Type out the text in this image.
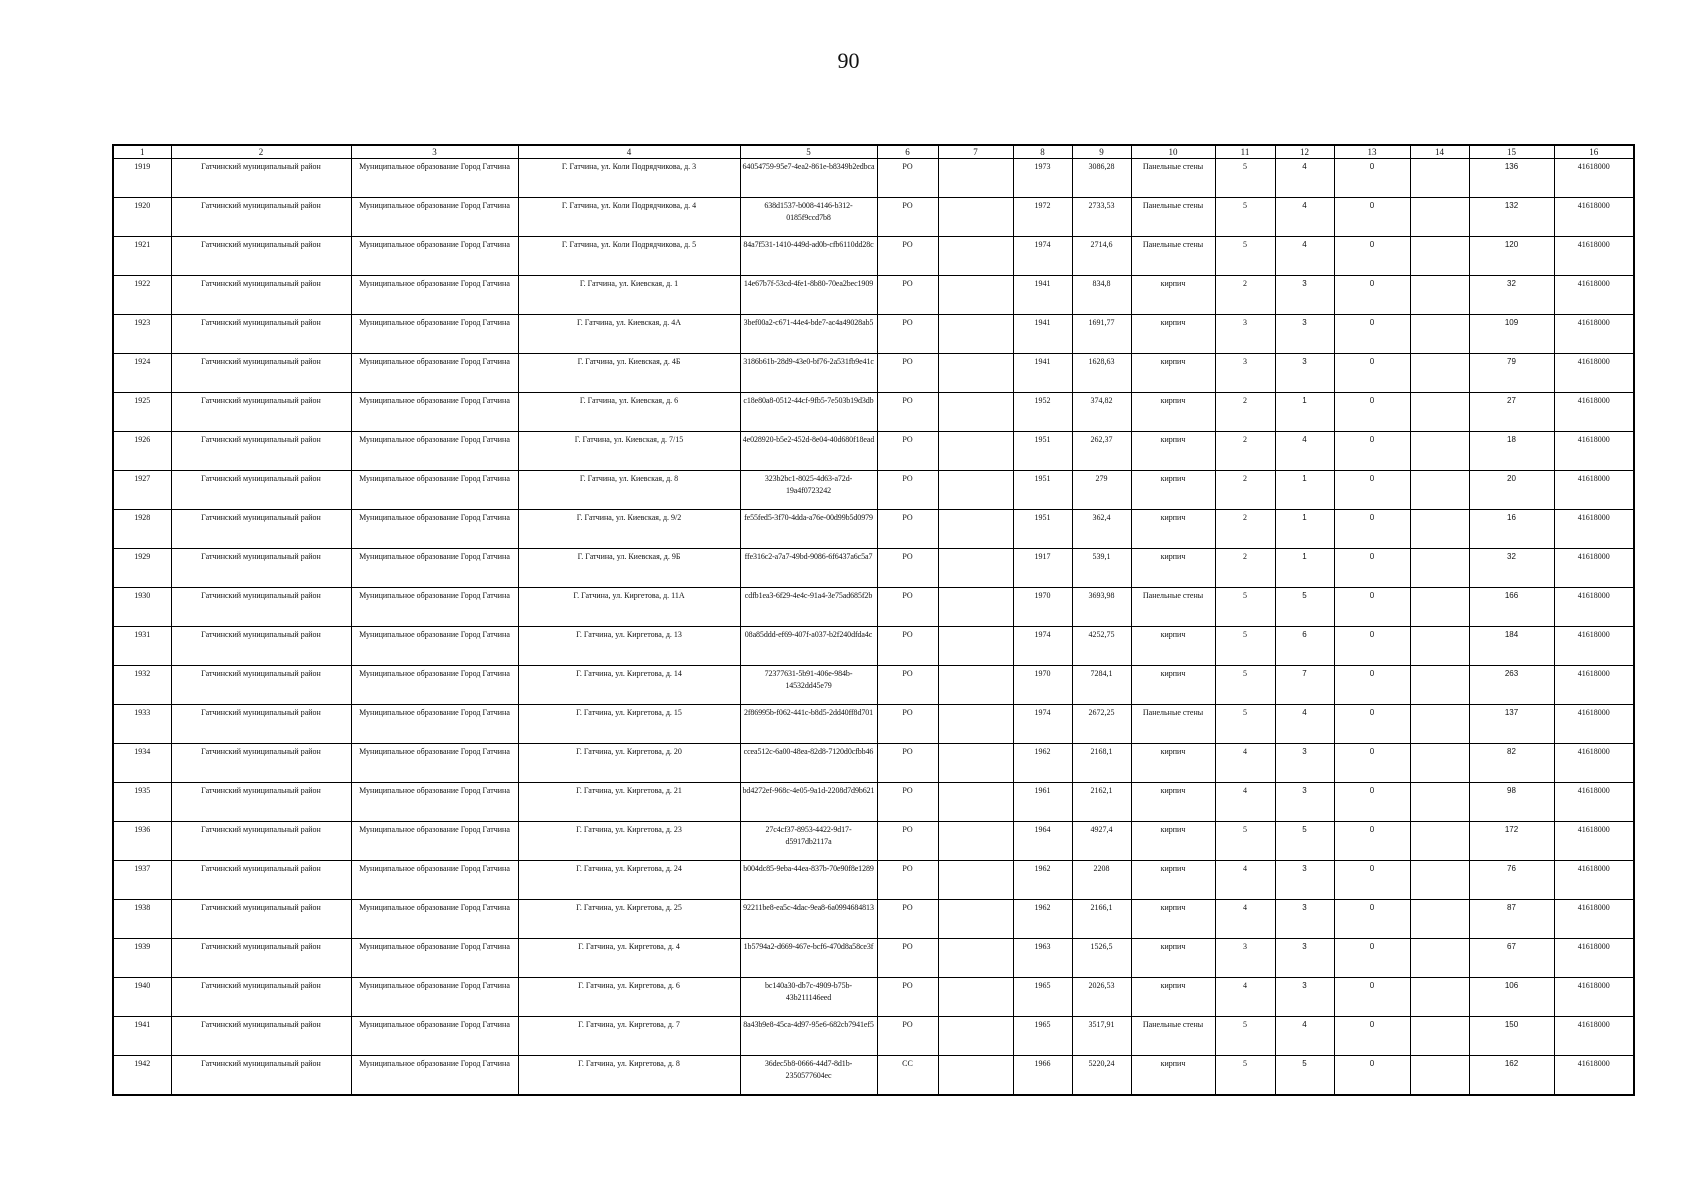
90
1	2	3	4	5	6	7	8	9	10	11	12	13	14	15	16
1919	Гатчинский муниципальный район	Муниципальное образование Город Гатчина	Г. Гатчина, ул. Коли Подрядчикова, д. 3	64054759-95e7-4ea2-861e-b8349b2edbca	РО		1973	3086,28	Панельные стены	5	4	0		136	41618000
1920	Гатчинский муниципальный район	Муниципальное образование Город Гатчина	Г. Гатчина, ул. Коли Подрядчикова, д. 4	638d1537-b008-4146-b312-0185f9ccd7b8	РО		1972	2733,53	Панельные стены	5	4	0		132	41618000
1921	Гатчинский муниципальный район	Муниципальное образование Город Гатчина	Г. Гатчина, ул. Коли Подрядчикова, д. 5	84a7f531-1410-449d-ad0b-cfb6110dd28c	РО		1974	2714,6	Панельные стены	5	4	0		120	41618000
1922	Гатчинский муниципальный район	Муниципальное образование Город Гатчина	Г. Гатчина, ул. Киевская, д. 1	14e67b7f-53cd-4fe1-8b80-70ea2bec1909	РО		1941	834,8	кирпич	2	3	0		32	41618000
1923	Гатчинский муниципальный район	Муниципальное образование Город Гатчина	Г. Гатчина, ул. Киевская, д. 4А	3bef00a2-c671-44e4-bde7-ac4a49028ab5	РО		1941	1691,77	кирпич	3	3	0		109	41618000
1924	Гатчинский муниципальный район	Муниципальное образование Город Гатчина	Г. Гатчина, ул. Киевская, д. 4Б	3186b61b-28d9-43e0-bf76-2a531fb9e41c	РО		1941	1628,63	кирпич	3	3	0		79	41618000
1925	Гатчинский муниципальный район	Муниципальное образование Город Гатчина	Г. Гатчина, ул. Киевская, д. 6	c18e80a8-0512-44cf-9fb5-7e503b19d3db	РО		1952	374,82	кирпич	2	1	0		27	41618000
1926	Гатчинский муниципальный район	Муниципальное образование Город Гатчина	Г. Гатчина, ул. Киевская, д. 7/15	4e028920-b5e2-452d-8e04-40d680f18ead	РО		1951	262,37	кирпич	2	4	0		18	41618000
1927	Гатчинский муниципальный район	Муниципальное образование Город Гатчина	Г. Гатчина, ул. Киевская, д. 8	323b2bc1-8025-4d63-a72d-19a4f0723242	РО		1951	279	кирпич	2	1	0		20	41618000
1928	Гатчинский муниципальный район	Муниципальное образование Город Гатчина	Г. Гатчина, ул. Киевская, д. 9/2	fe55fed5-3f70-4dda-a76e-00d99b5d0979	РО		1951	362,4	кирпич	2	1	0		16	41618000
1929	Гатчинский муниципальный район	Муниципальное образование Город Гатчина	Г. Гатчина, ул. Киевская, д. 9Б	ffe316c2-a7a7-49bd-9086-6f6437a6c5a7	РО		1917	539,1	кирпич	2	1	0		32	41618000
1930	Гатчинский муниципальный район	Муниципальное образование Город Гатчина	Г. Гатчина, ул. Киргетова, д. 11А	cdfb1ea3-6f29-4e4c-91a4-3e75ad685f2b	РО		1970	3693,98	Панельные стены	5	5	0		166	41618000
1931	Гатчинский муниципальный район	Муниципальное образование Город Гатчина	Г. Гатчина, ул. Киргетова, д. 13	08a85ddd-ef69-407f-a037-b2f240dfda4c	РО		1974	4252,75	кирпич	5	6	0		184	41618000
1932	Гатчинский муниципальный район	Муниципальное образование Город Гатчина	Г. Гатчина, ул. Киргетова, д. 14	72377631-5b91-406e-984b-14532dd45e79	РО		1970	7284,1	кирпич	5	7	0		263	41618000
1933	Гатчинский муниципальный район	Муниципальное образование Город Гатчина	Г. Гатчина, ул. Киргетова, д. 15	2f86995b-f062-441c-b8d5-2dd40ff8d701	РО		1974	2672,25	Панельные стены	5	4	0		137	41618000
1934	Гатчинский муниципальный район	Муниципальное образование Город Гатчина	Г. Гатчина, ул. Киргетова, д. 20	ccea512c-6a00-48ea-82d8-7120d0cfbb46	РО		1962	2168,1	кирпич	4	3	0		82	41618000
1935	Гатчинский муниципальный район	Муниципальное образование Город Гатчина	Г. Гатчина, ул. Киргетова, д. 21	bd4272ef-968c-4e05-9a1d-2208d7d9b621	РО		1961	2162,1	кирпич	4	3	0		98	41618000
1936	Гатчинский муниципальный район	Муниципальное образование Город Гатчина	Г. Гатчина, ул. Киргетова, д. 23	27c4cf37-8953-4422-9d17-d5917db2117a	РО		1964	4927,4	кирпич	5	5	0		172	41618000
1937	Гатчинский муниципальный район	Муниципальное образование Город Гатчина	Г. Гатчина, ул. Киргетова, д. 24	b004dc85-9eba-44ea-837b-70e90f8e1289	РО		1962	2208	кирпич	4	3	0		76	41618000
1938	Гатчинский муниципальный район	Муниципальное образование Город Гатчина	Г. Гатчина, ул. Киргетова, д. 25	92211be8-ea5c-4dac-9ea8-6a0994684813	РО		1962	2166,1	кирпич	4	3	0		87	41618000
1939	Гатчинский муниципальный район	Муниципальное образование Город Гатчина	Г. Гатчина, ул. Киргетова, д. 4	1b5794a2-d669-467e-bcf6-470d8a58ce3f	РО		1963	1526,5	кирпич	3	3	0		67	41618000
1940	Гатчинский муниципальный район	Муниципальное образование Город Гатчина	Г. Гатчина, ул. Киргетова, д. 6	bc140a30-db7c-4909-b75b-43b211146eed	РО		1965	2026,53	кирпич	4	3	0		106	41618000
1941	Гатчинский муниципальный район	Муниципальное образование Город Гатчина	Г. Гатчина, ул. Киргетова, д. 7	8a43b9e8-45ca-4d97-95e6-682cb7941ef5	РО		1965	3517,91	Панельные стены	5	4	0		150	41618000
1942	Гатчинский муниципальный район	Муниципальное образование Город Гатчина	Г. Гатчина, ул. Киргетова, д. 8	36dec5b8-0666-44d7-8d1b-2350577604ec	СС		1966	5220,24	кирпич	5	5	0		162	41618000
